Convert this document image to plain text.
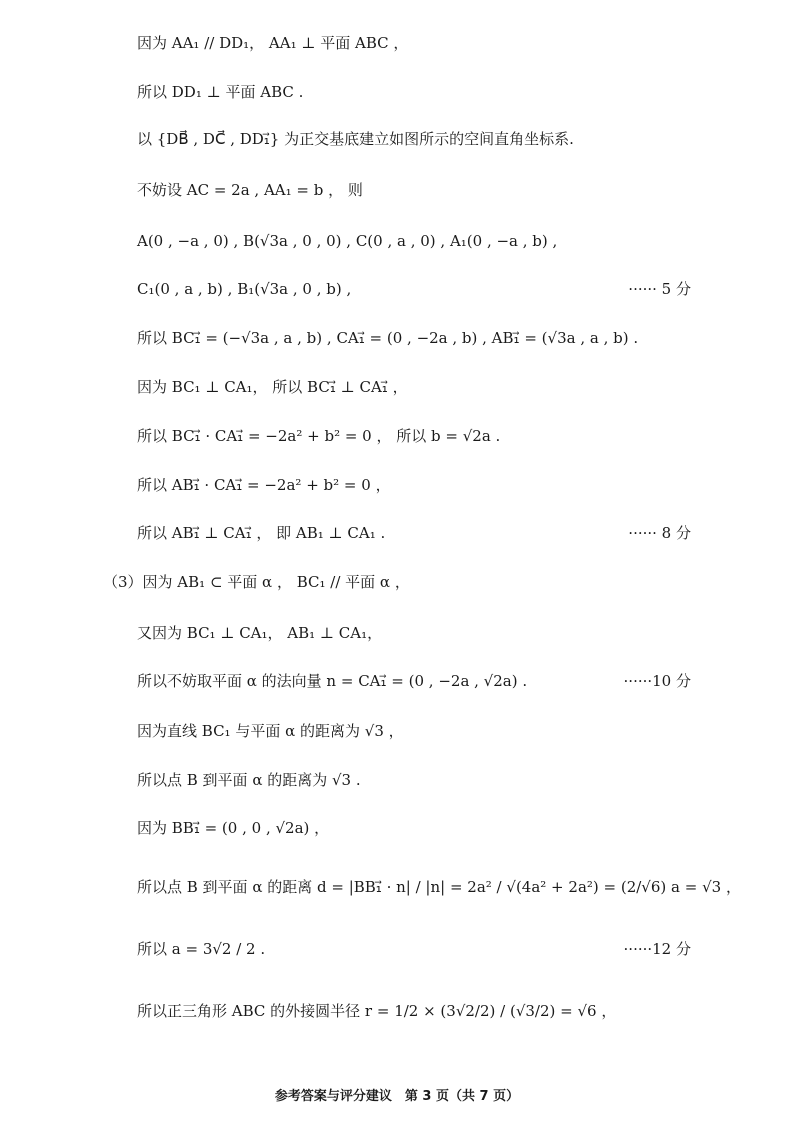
因为 AA₁ // DD₁， AA₁ ⊥ 平面 ABC ，
所以 DD₁ ⊥ 平面 ABC .
以 {DB⃗ , DC⃗ , DD₁⃗} 为正交基底建立如图所示的空间直角坐标系.
不妨设 AC = 2a , AA₁ = b ， 则
A(0 , −a , 0) , B(√3a , 0 , 0) , C(0 , a , 0) , A₁(0 , −a , b) ,
C₁(0 , a , b) , B₁(√3a , 0 , b) ,	······ 5 分
所以 BC₁⃗ = (−√3a , a , b) , CA₁⃗ = (0 , −2a , b) , AB₁⃗ = (√3a , a , b) .
因为 BC₁ ⊥ CA₁， 所以 BC₁⃗ ⊥ CA₁⃗ ，
所以 BC₁⃗ · CA₁⃗ = −2a² + b² = 0 ， 所以 b = √2a .
所以 AB₁⃗ · CA₁⃗ = −2a² + b² = 0 ，
所以 AB₁⃗ ⊥ CA₁⃗ ， 即 AB₁ ⊥ CA₁ .	······ 8 分
（3）因为 AB₁ ⊂ 平面 α ， BC₁ // 平面 α ，
又因为 BC₁ ⊥ CA₁， AB₁ ⊥ CA₁，
所以不妨取平面 α 的法向量 n = CA₁⃗ = (0 , −2a , √2a) .	······10 分
因为直线 BC₁ 与平面 α 的距离为 √3 ，
所以点 B 到平面 α 的距离为 √3 .
因为 BB₁⃗ = (0 , 0 , √2a) ，
所以点 B 到平面 α 的距离 d = |BB₁⃗ · n| / |n| = 2a² / √(4a² + 2a²) = (2/√6) a = √3 ，
所以 a = 3√2 / 2 .	······12 分
所以正三角形 ABC 的外接圆半径 r = 1/2 × (3√2/2) / (√3/2) = √6 ，
参考答案与评分建议　第 3 页（共 7 页）
